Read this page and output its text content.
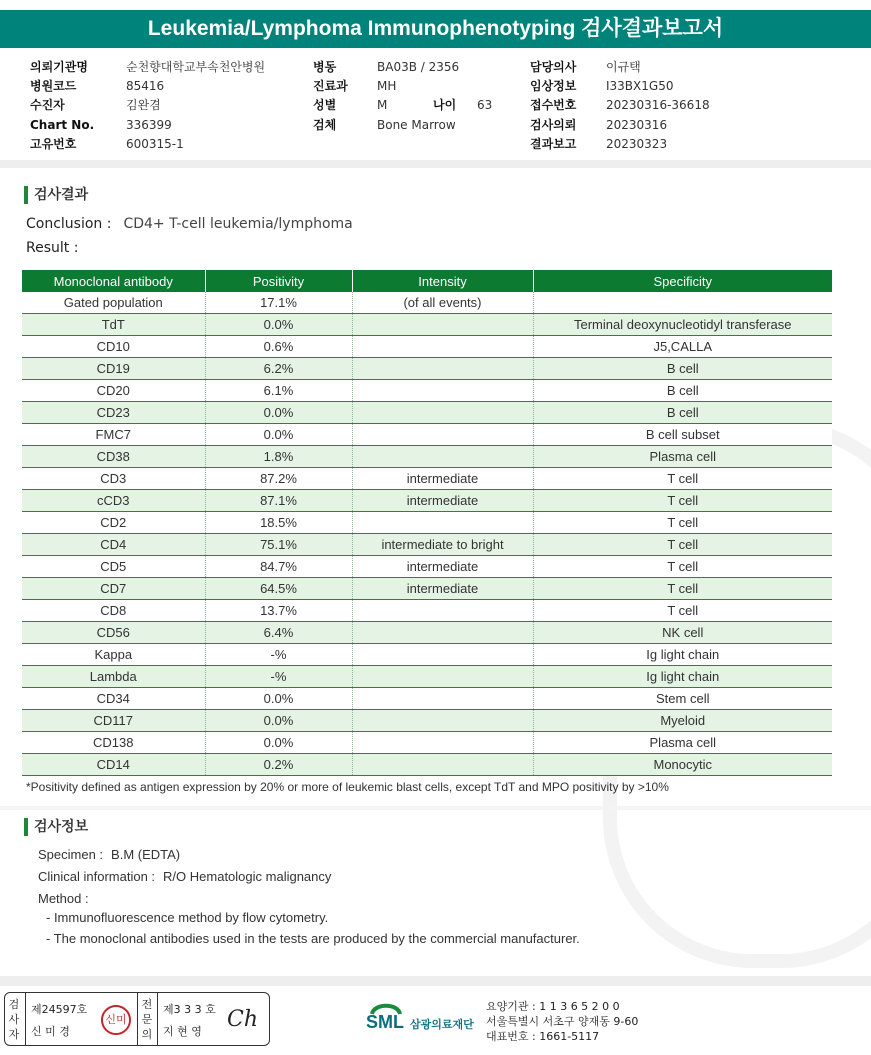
Leukemia/Lymphoma Immunophenotyping 검사결과보고서
의뢰기관명	순천향대학교부속천안병원
병원코드	85416
수진자	김완겸
Chart No.	336399
고유번호	600315-1
병동	BA03B / 2356
진료과 MH
성별	M	나이 63
검체	Bone Marrow
담당의사 이규택
임상정보 I33BX1G50
접수번호 20230316-36618
검사의뢰 20230316
결과보고 20230323
검사결과
Conclusion : CD4+ T-cell leukemia/lymphoma
Result :
Monoclonal antibody	Positivity	Intensity	Specificity
Gated population	17.1%	(of all events)	
TdT	0.0%		Terminal deoxynucleotidyl transferase
CD10	0.6%		J5,CALLA
CD19	6.2%		B cell
CD20	6.1%		B cell
CD23	0.0%		B cell
FMC7	0.0%		B cell subset
CD38	1.8%		Plasma cell
CD3	87.2%	intermediate	T cell
cCD3	87.1%	intermediate	T cell
CD2	18.5%		T cell
CD4	75.1%	intermediate to bright	T cell
CD5	84.7%	intermediate	T cell
CD7	64.5%	intermediate	T cell
CD8	13.7%		T cell
CD56	6.4%		NK cell
Kappa	-%		Ig light chain
Lambda	-%		Ig light chain
CD34	0.0%		Stem cell
CD117	0.0%		Myeloid
CD138	0.0%		Plasma cell
CD14	0.2%		Monocytic
*Positivity defined as antigen expression by 20% or more of leukemic blast cells, except TdT and MPO positivity by >10%
검사정보
Specimen : B.M (EDTA)
Clinical information : R/O Hematologic malignancy
Method :
- Immunofluorescence method by flow cytometry.
- The monoclonal antibodies used in the tests are produced by the commercial manufacturer.
검사자
제24597호
신 미 경
신미
전문의
제3 3 3 호
지 현 영 Ch	SML 삼광의료재단
요양기관 : 1 1 3 6 5 2 0 0
서울특별시 서초구 양재동 9-60
대표번호 : 1661-5117
